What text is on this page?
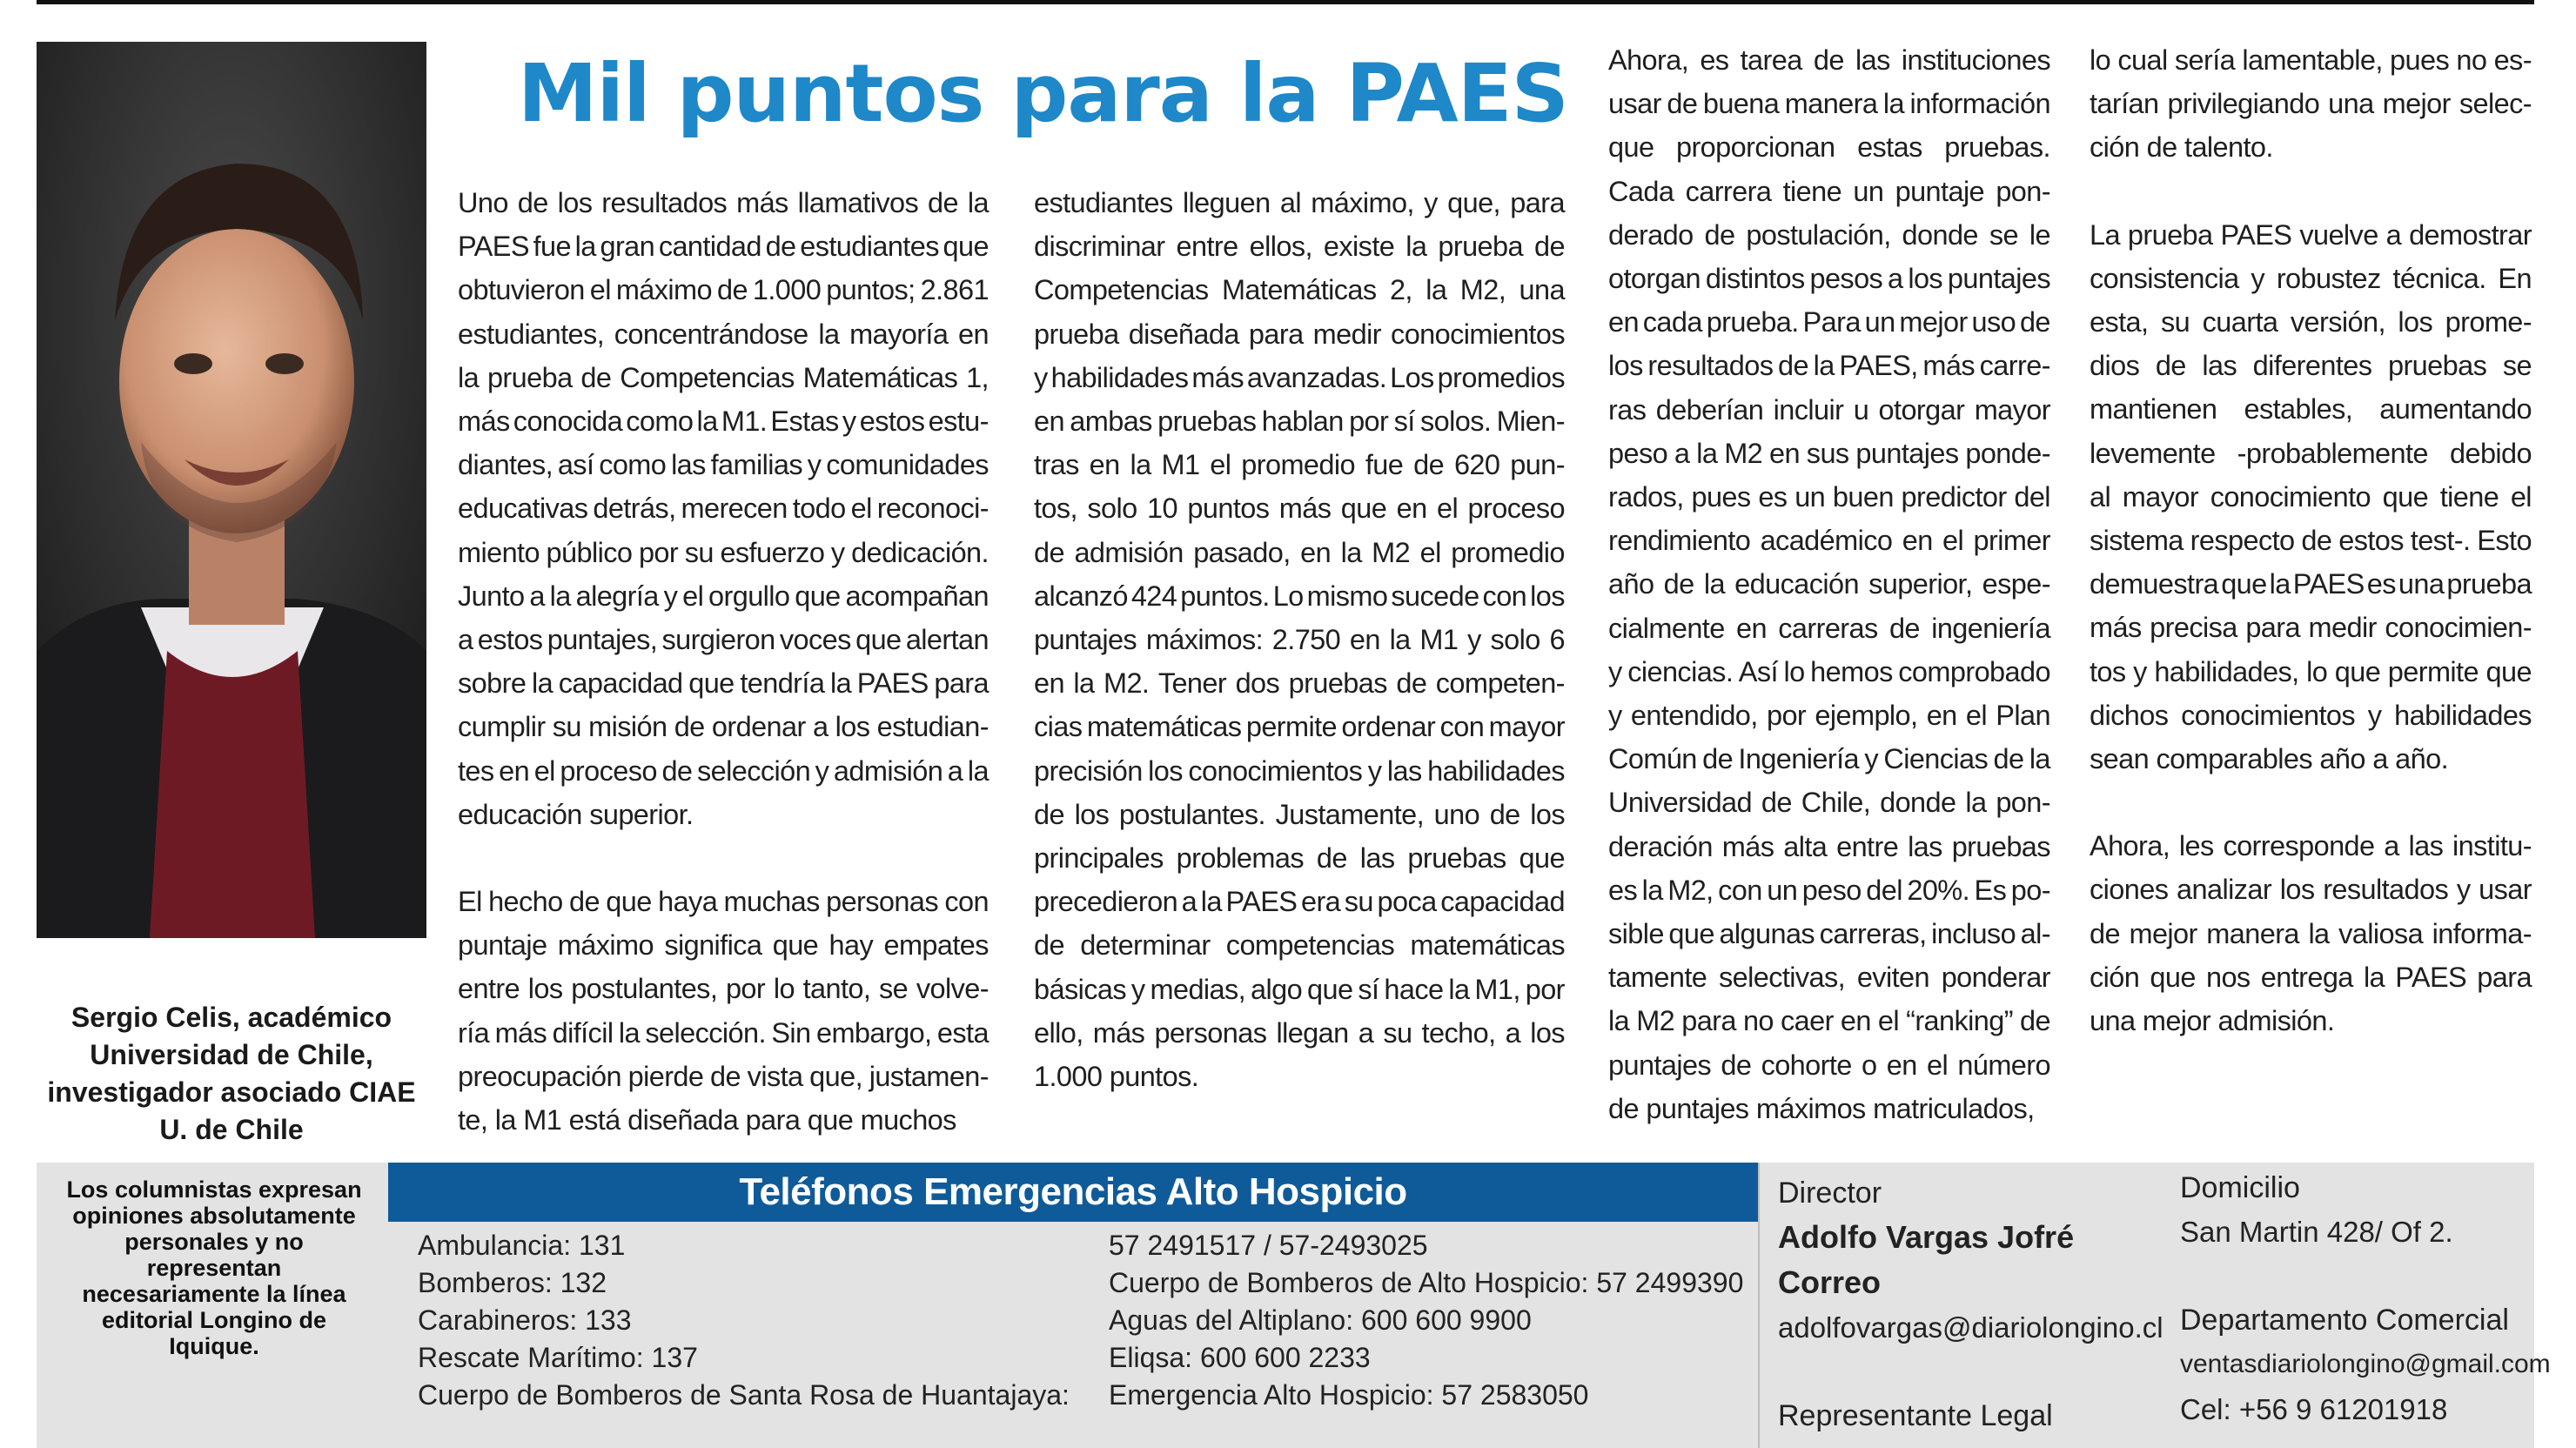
Sergio Celis, académico
Universidad de Chile,
investigador asociado CIAE
U. de Chile
Mil puntos para la PAES
Uno de los resultados más llamativos de la
PAES fue la gran cantidad de estudiantes que
obtuvieron el máximo de 1.000 puntos; 2.861
estudiantes, concentrándose la mayoría en
la prueba de Competencias Matemáticas 1,
más conocida como la M1. Estas y estos estu-
diantes, así como las familias y comunidades
educativas detrás, merecen todo el reconoci-
miento público por su esfuerzo y dedicación.
Junto a la alegría y el orgullo que acompañan
a estos puntajes, surgieron voces que alertan
sobre la capacidad que tendría la PAES para
cumplir su misión de ordenar a los estudian-
tes en el proceso de selección y admisión a la
educación superior.
El hecho de que haya muchas personas con
puntaje máximo significa que hay empates
entre los postulantes, por lo tanto, se volve-
ría más difícil la selección. Sin embargo, esta
preocupación pierde de vista que, justamen-
te, la M1 está diseñada para que muchos
estudiantes lleguen al máximo, y que, para
discriminar entre ellos, existe la prueba de
Competencias Matemáticas 2, la M2, una
prueba diseñada para medir conocimientos
y habilidades más avanzadas. Los promedios
en ambas pruebas hablan por sí solos. Mien-
tras en la M1 el promedio fue de 620 pun-
tos, solo 10 puntos más que en el proceso
de admisión pasado, en la M2 el promedio
alcanzó 424 puntos. Lo mismo sucede con los
puntajes máximos: 2.750 en la M1 y solo 6
en la M2. Tener dos pruebas de competen-
cias matemáticas permite ordenar con mayor
precisión los conocimientos y las habilidades
de los postulantes. Justamente, uno de los
principales problemas de las pruebas que
precedieron a la PAES era su poca capacidad
de determinar competencias matemáticas
básicas y medias, algo que sí hace la M1, por
ello, más personas llegan a su techo, a los
1.000 puntos.
Ahora, es tarea de las instituciones
usar de buena manera la información
que proporcionan estas pruebas.
Cada carrera tiene un puntaje pon-
derado de postulación, donde se le
otorgan distintos pesos a los puntajes
en cada prueba. Para un mejor uso de
los resultados de la PAES, más carre-
ras deberían incluir u otorgar mayor
peso a la M2 en sus puntajes ponde-
rados, pues es un buen predictor del
rendimiento académico en el primer
año de la educación superior, espe-
cialmente en carreras de ingeniería
y ciencias. Así lo hemos comprobado
y entendido, por ejemplo, en el Plan
Común de Ingeniería y Ciencias de la
Universidad de Chile, donde la pon-
deración más alta entre las pruebas
es la M2, con un peso del 20%. Es po-
sible que algunas carreras, incluso al-
tamente selectivas, eviten ponderar
la M2 para no caer en el “ranking” de
puntajes de cohorte o en el número
de puntajes máximos matriculados,
lo cual sería lamentable, pues no es-
tarían privilegiando una mejor selec-
ción de talento.
La prueba PAES vuelve a demostrar
consistencia y robustez técnica. En
esta, su cuarta versión, los prome-
dios de las diferentes pruebas se
mantienen estables, aumentando
levemente -probablemente debido
al mayor conocimiento que tiene el
sistema respecto de estos test-. Esto
demuestra que la PAES es una prueba
más precisa para medir conocimien-
tos y habilidades, lo que permite que
dichos conocimientos y habilidades
sean comparables año a año.
Ahora, les corresponde a las institu-
ciones analizar los resultados y usar
de mejor manera la valiosa informa-
ción que nos entrega la PAES para
una mejor admisión.
Los columnistas expresan
opiniones absolutamente
personales y no
representan
necesariamente la línea
editorial Longino de
Iquique.
Teléfonos Emergencias Alto Hospicio
Ambulancia: 131
Bomberos: 132
Carabineros: 133
Rescate Marítimo: 137
Cuerpo de Bomberos de Santa Rosa de Huantajaya:
57 2491517 / 57-2493025
Cuerpo de Bomberos de Alto Hospicio: 57 2499390
Aguas del Altiplano: 600 600 9900
Eliqsa: 600 600 2233
Emergencia Alto Hospicio: 57 2583050
Director
Adolfo Vargas Jofré
Correo
adolfovargas@diariolongino.cl
Representante Legal
Domicilio
San Martin 428/ Of 2.
Departamento Comercial
ventasdiariolongino@gmail.com
Cel: +56 9 61201918
